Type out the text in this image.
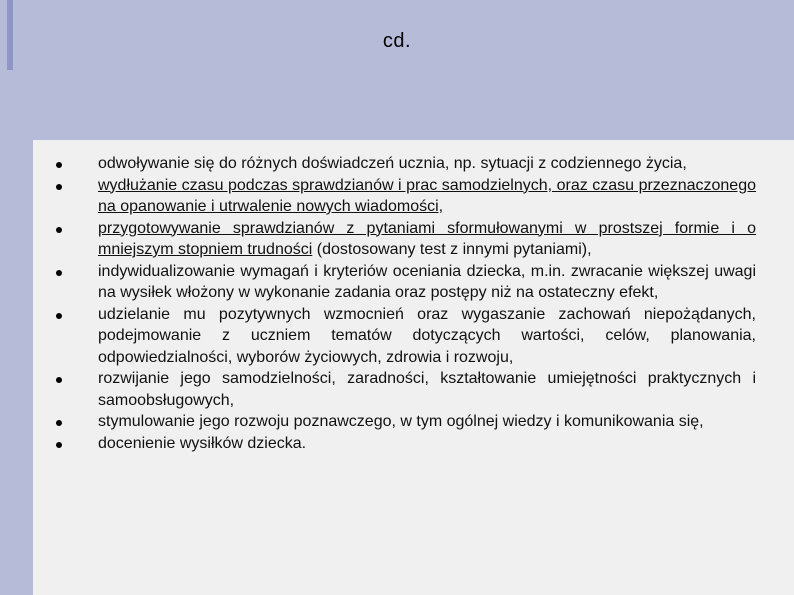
cd.
odwoływanie się do różnych doświadczeń ucznia, np. sytuacji z codziennego życia,
wydłużanie czasu podczas sprawdzianów i prac samodzielnych, oraz czasu przeznaczonego na opanowanie i utrwalenie nowych wiadomości,
przygotowywanie sprawdzianów z pytaniami sformułowanymi w prostszej formie i o mniejszym stopniem trudności (dostosowany test z innymi pytaniami),
indywidualizowanie wymagań i kryteriów oceniania dziecka, m.in. zwracanie większej uwagi na wysiłek włożony w wykonanie zadania oraz postępy niż na ostateczny efekt,
udzielanie mu pozytywnych wzmocnień oraz wygaszanie zachowań niepożądanych, podejmowanie z uczniem tematów dotyczących wartości, celów, planowania, odpowiedzialności, wyborów życiowych, zdrowia i rozwoju,
rozwijanie jego samodzielności, zaradności, kształtowanie umiejętności praktycznych i samoobsługowych,
stymulowanie jego rozwoju poznawczego, w tym ogólnej wiedzy i komunikowania się,
docenienie wysiłków dziecka.
